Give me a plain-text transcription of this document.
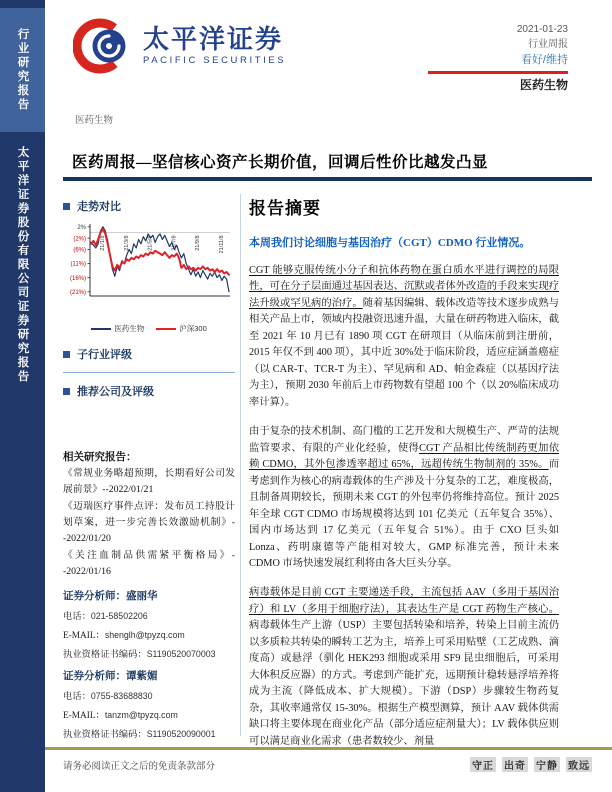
行业研究报告
太平洋证券股份有限公司证券研究报告
太平洋证券
PACIFIC SECURITIES
2021-01-23
行业周报
看好/维持
医药生物
医药生物
医药周报—坚信核心资产长期价值，回调后性价比越发凸显
走势对比
2%
(2%)
(6%)
(11%)
(16%)
(21%)
21/1/8	21/3/8	21/5/8	21/7/8	21/9/8	21/11/8
医药生物	沪深300
子行业评级
推荐公司及评级
相关研究报告：
《常规业务略超预期，长期看好公司发展前景》--2022/01/21
《迈瑞医疗事件点评：发布员工持股计划草案，进一步完善长效激励机制》--2022/01/20
《关注血制品供需紧平衡格局》--2022/01/16
证券分析师：盛丽华
电话：021-58502206
E-MAIL：shenglh@tpyzq.com
执业资格证书编码：S1190520070003
证券分析师：谭紫媚
电话：0755-83688830
E-MAIL：tanzm@tpyzq.com
执业资格证书编码：S1190520090001
报告摘要

本周我们讨论细胞与基因治疗（CGT）CDMO 行业情况。

CGT 能够克服传统小分子和抗体药物在蛋白质水平进行调控的局限性，可在分子层面通过基因表达、沉默或者体外改造的手段来实现疗法升级或罕见病的治疗。随着基因编辑、载体改造等技术逐步成熟与相关产品上市，领域内投融资迅速升温，大量在研药物进入临床，截至 2021 年 10 月已有 1890 项 CGT 在研项目（从临床前到注册前，2015 年仅不到 400 项），其中近 30%处于临床阶段，适应症涵盖癌症（以 CAR-T、TCR-T 为主）、罕见病和 AD、帕金森症（以基因疗法为主），预期 2030 年前后上市药物数有望超 100 个（以 20%临床成功率计算）。

由于复杂的技术机制、高门槛的工艺开发和大规模生产、严苛的法规监管要求、有限的产业化经验，使得CGT 产品相比传统制药更加依赖 CDMO，其外包渗透率超过 65%，远超传统生物制剂的 35%。而考虑到作为核心的病毒载体的生产涉及十分复杂的工艺，难度极高，且制备周期较长，预期未来 CGT 的外包率仍将维持高位。预计 2025 年全球 CGT CDMO 市场规模将达到 101 亿美元（五年复合 35%）、国内市场达到 17 亿美元（五年复合 51%）。由于 CXO 巨头如 Lonza、药明康德等产能相对较大，GMP 标准完善，预计未来 CDMO 市场快速发展红利将由各大巨头分享。

病毒载体是目前 CGT 主要递送手段，主流包括 AAV（多用于基因治疗）和 LV（多用于细胞疗法），其表达生产是 CGT 药物生产核心。病毒载体生产上游（USP）主要包括转染和培养，转染上目前主流仍以多质粒共转染的瞬转工艺为主，培养上可采用贴壁（工艺成熟、滴度高）或悬浮（驯化 HEK293 细胞或采用 SF9 昆虫细胞后，可采用大体积反应器）的方式。考虑到产能扩充，远期预计稳转悬浮培养将成为主流（降低成本、扩大规模）。下游（DSP）步骤较生物药复杂，其收率通常仅 15-30%。根据生产模型测算，预计 AAV 载体供需缺口将主要体现在商业化产品（部分适应症剂量大）；LV 载体供应则可以满足商业化需求（患者数较少、剂量

请务必阅读正文之后的免责条款部分	守正 出奇 宁静 致远
